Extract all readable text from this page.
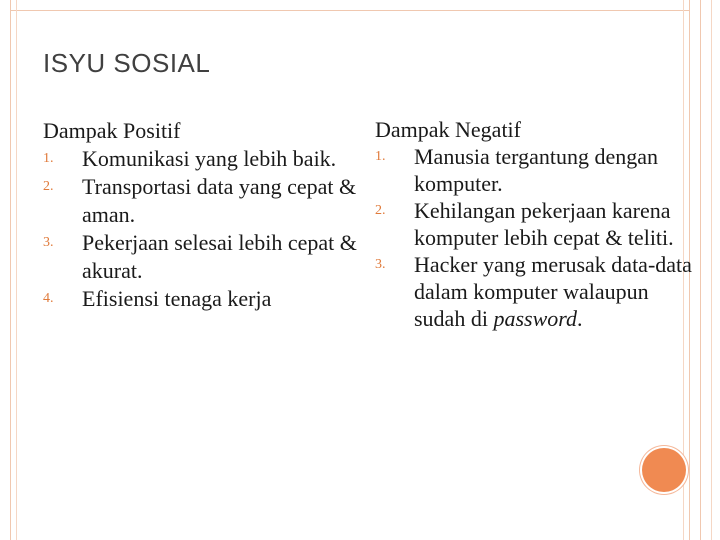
ISYU SOSIAL
Dampak Positif
1. Komunikasi yang lebih baik.
2. Transportasi data yang cepat & aman.
3. Pekerjaan selesai lebih cepat & akurat.
4. Efisiensi tenaga kerja
Dampak Negatif
1. Manusia tergantung dengan komputer.
2. Kehilangan pekerjaan karena komputer lebih cepat & teliti.
3. Hacker yang merusak data-data dalam komputer walaupun sudah di password.
